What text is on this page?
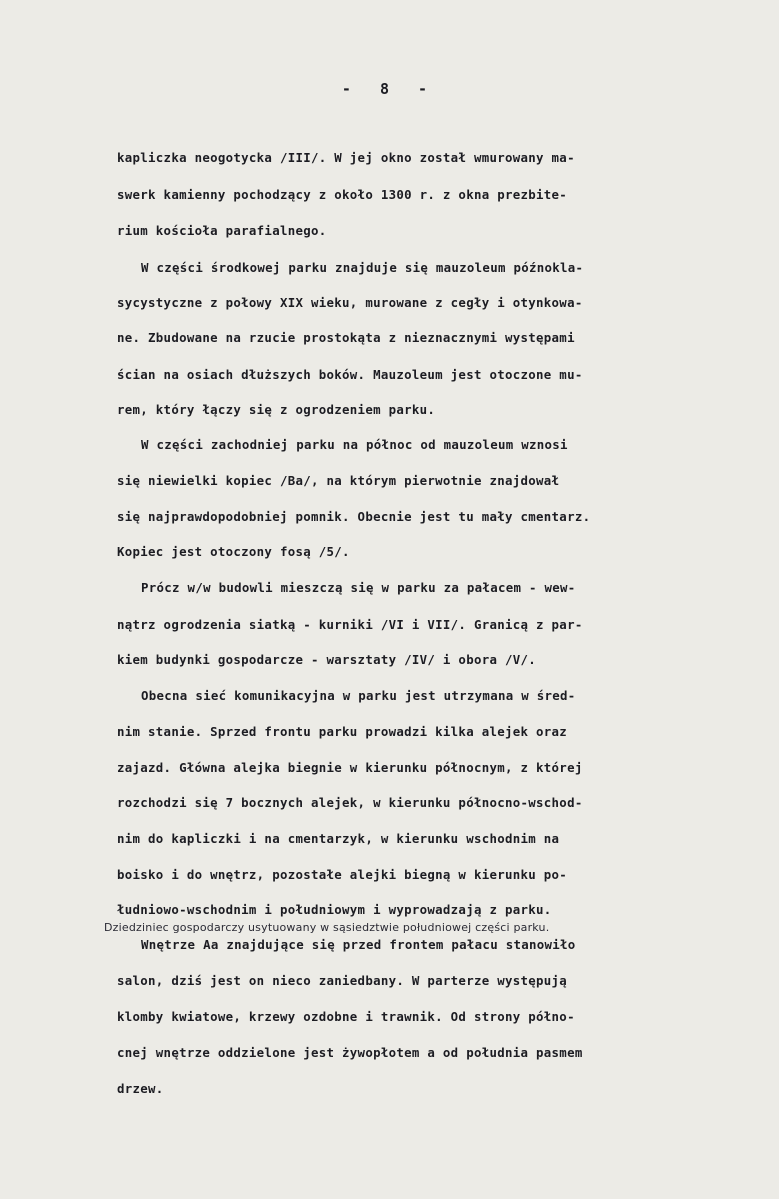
- 8 -
kapliczka neogotycka /III/. W jej okno został wmurowany ma-
swerk kamienny pochodzący z około 1300 r. z okna prezbite-
rium kościoła parafialnego.
W części środkowej parku znajduje się mauzoleum późnokla-
sycystyczne z połowy XIX wieku, murowane z cegły i otynkowa-
ne. Zbudowane na rzucie prostokąta z nieznacznymi występami
ścian na osiach dłuższych boków. Mauzoleum jest otoczone mu-
rem, który łączy się z ogrodzeniem parku.
W części zachodniej parku na północ od mauzoleum wznosi
się niewielki kopiec /Ba/, na którym pierwotnie znajdował
się najprawdopodobniej pomnik. Obecnie jest tu mały cmentarz.
Kopiec jest otoczony fosą /5/.
Prócz w/w budowli mieszczą się w parku za pałacem - wew-
nątrz ogrodzenia siatką - kurniki /VI i VII/. Granicą z par-
kiem budynki gospodarcze - warsztaty /IV/ i obora /V/.
Obecna sieć komunikacyjna w parku jest utrzymana w śred-
nim stanie. Sprzed frontu parku prowadzi kilka alejek oraz
zajazd. Główna alejka biegnie w kierunku północnym, z której
rozchodzi się 7 bocznych alejek, w kierunku północno-wschod-
nim do kapliczki i na cmentarzyk, w kierunku wschodnim na
boisko i do wnętrz, pozostałe alejki biegną w kierunku po-
łudniowo-wschodnim i południowym i wyprowadzają z parku.
Dziedziniec gospodarczy usytuowany w sąsiedztwie południowej części parku.
Wnętrze Aa znajdujące się przed frontem pałacu stanowiło
salon, dziś jest on nieco zaniedbany. W parterze występują
klomby kwiatowe, krzewy ozdobne i trawnik. Od strony półno-
cnej wnętrze oddzielone jest żywopłotem a od południa pasmem
drzew.
